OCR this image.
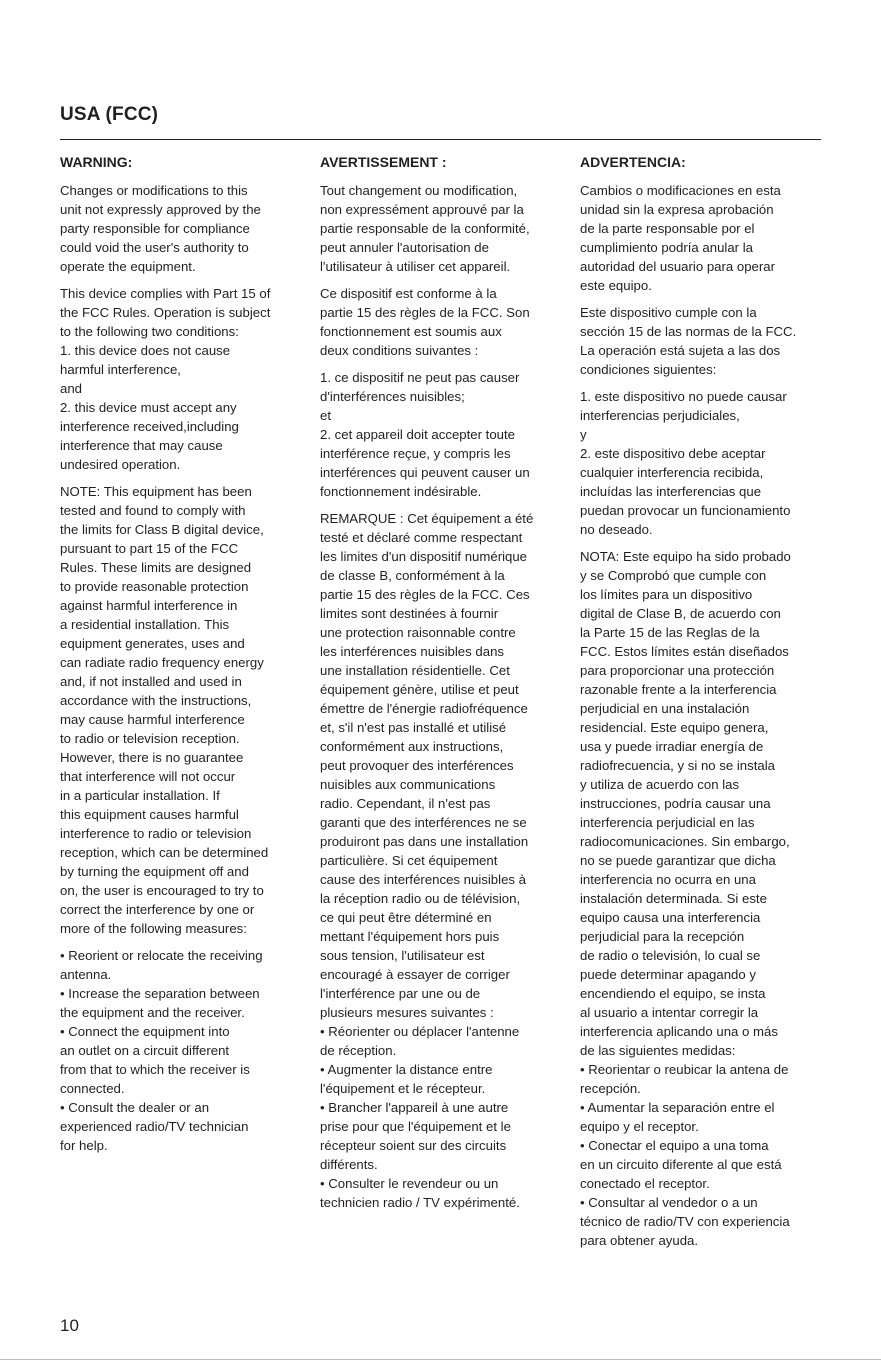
USA (FCC)
WARNING:
Changes or modifications to this
unit not expressly approved by the
party responsible for compliance
could void the user's authority to
operate the equipment.
This device complies with Part 15 of
the FCC Rules. Operation is subject
to the following two conditions:
1. this device does not cause
harmful interference,
and
2. this device must accept any
interference received,including
interference that may cause
undesired operation.
NOTE: This equipment has been
tested and found to comply with
the limits for Class B digital device,
pursuant to part 15 of the FCC
Rules. These limits are designed
to provide reasonable protection
against harmful interference in
a residential installation. This
equipment generates, uses and
can radiate radio frequency energy
and, if not installed and used in
accordance with the instructions,
may cause harmful interference
to radio or television reception.
However, there is no guarantee
that interference will not occur
in a particular installation. If
this equipment causes harmful
interference to radio or television
reception, which can be determined
by turning the equipment off and
on, the user is encouraged to try to
correct the interference by one or
more of the following measures:
• Reorient or relocate the receiving
antenna.
• Increase the separation between
the equipment and the receiver.
• Connect the equipment into
an outlet on a circuit different
from that to which the receiver is
connected.
• Consult the dealer or an
experienced radio/TV technician
for help.
AVERTISSEMENT :
Tout changement ou modification,
non expressément approuvé par la
partie responsable de la conformité,
peut annuler l'autorisation de
l'utilisateur à utiliser cet appareil.
Ce dispositif est conforme à la
partie 15 des règles de la FCC. Son
fonctionnement est soumis aux
deux conditions suivantes :
1. ce dispositif ne peut pas causer
d'interférences nuisibles;
et
2. cet appareil doit accepter toute
interférence reçue, y compris les
interférences qui peuvent causer un
fonctionnement indésirable.
REMARQUE : Cet équipement a été
testé et déclaré comme respectant
les limites d'un dispositif numérique
de classe B, conformément à la
partie 15 des règles de la FCC. Ces
limites sont destinées à fournir
une protection raisonnable contre
les interférences nuisibles dans
une installation résidentielle. Cet
équipement génère, utilise et peut
émettre de l'énergie radiofréquence
et, s'il n'est pas installé et utilisé
conformément aux instructions,
peut provoquer des interférences
nuisibles aux communications
radio. Cependant, il n'est pas
garanti que des interférences ne se
produiront pas dans une installation
particulière. Si cet équipement
cause des interférences nuisibles à
la réception radio ou de télévision,
ce qui peut être déterminé en
mettant l'équipement hors puis
sous tension, l'utilisateur est
encouragé à essayer de corriger
l'interférence par une ou de
plusieurs mesures suivantes :
• Réorienter ou déplacer l'antenne
de réception.
• Augmenter la distance entre
l'équipement et le récepteur.
• Brancher l'appareil à une autre
prise pour que l'équipement et le
récepteur soient sur des circuits
différents.
• Consulter le revendeur ou un
technicien radio / TV expérimenté.
ADVERTENCIA:
Cambios o modificaciones en esta
unidad sin la expresa aprobación
de la parte responsable por el
cumplimiento podría anular la
autoridad del usuario para operar
este equipo.
Este dispositivo cumple con la
sección 15 de las normas de la FCC.
La operación está sujeta a las dos
condiciones siguientes:
1. este dispositivo no puede causar
interferencias perjudiciales,
y
2. este dispositivo debe aceptar
cualquier interferencia recibida,
incluídas las interferencias que
puedan provocar un funcionamiento
no deseado.
NOTA: Este equipo ha sido probado
y se Comprobó que cumple con
los límites para un dispositivo
digital de Clase B, de acuerdo con
la Parte 15 de las Reglas de la
FCC. Estos límites están diseñados
para proporcionar una protección
razonable frente a la interferencia
perjudicial en una instalación
residencial. Este equipo genera,
usa y puede irradiar energía de
radiofrecuencia, y si no se instala
y utiliza de acuerdo con las
instrucciones, podría causar una
interferencia perjudicial en las
radiocomunicaciones. Sin embargo,
no se puede garantizar que dicha
interferencia no ocurra en una
instalación determinada. Si este
equipo causa una interferencia
perjudicial para la recepción
de radio o televisión, lo cual se
puede determinar apagando y
encendiendo el equipo, se insta
al usuario a intentar corregir la
interferencia aplicando una o más
de las siguientes medidas:
• Reorientar o reubicar la antena de
recepción.
• Aumentar la separación entre el
equipo y el receptor.
• Conectar el equipo a una toma
en un circuito diferente al que está
conectado el receptor.
• Consultar al vendedor o a un
técnico de radio/TV con experiencia
para obtener ayuda.
10
